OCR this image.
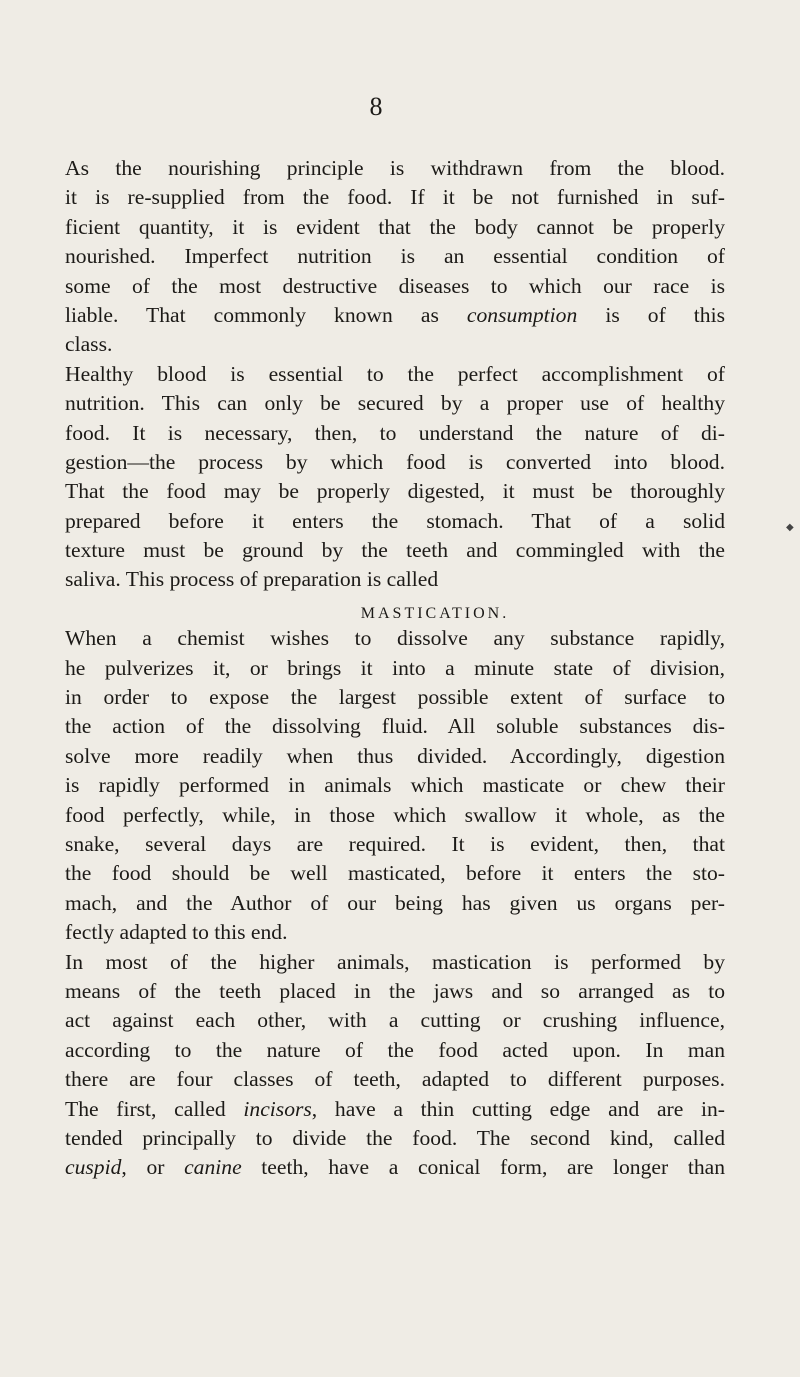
8
As the nourishing principle is withdrawn from the blood.
it is re-supplied from the food. If it be not furnished in suf-
ficient quantity, it is evident that the body cannot be properly
nourished. Imperfect nutrition is an essential condition of
some of the most destructive diseases to which our race is
liable. That commonly known as consumption is of this
class.
Healthy blood is essential to the perfect accomplishment of
nutrition. This can only be secured by a proper use of healthy
food. It is necessary, then, to understand the nature of di-
gestion—the process by which food is converted into blood.
That the food may be properly digested, it must be thoroughly
prepared before it enters the stomach. That of a solid
texture must be ground by the teeth and commingled with the
saliva. This process of preparation is called
MASTICATION.
When a chemist wishes to dissolve any substance rapidly,
he pulverizes it, or brings it into a minute state of division,
in order to expose the largest possible extent of surface to
the action of the dissolving fluid. All soluble substances dis-
solve more readily when thus divided. Accordingly, digestion
is rapidly performed in animals which masticate or chew their
food perfectly, while, in those which swallow it whole, as the
snake, several days are required. It is evident, then, that
the food should be well masticated, before it enters the sto-
mach, and the Author of our being has given us organs per-
fectly adapted to this end.
In most of the higher animals, mastication is performed by
means of the teeth placed in the jaws and so arranged as to
act against each other, with a cutting or crushing influence,
according to the nature of the food acted upon. In man
there are four classes of teeth, adapted to different purposes.
The first, called incisors, have a thin cutting edge and are in-
tended principally to divide the food. The second kind, called
cuspid, or canine teeth, have a conical form, are longer than
◆
